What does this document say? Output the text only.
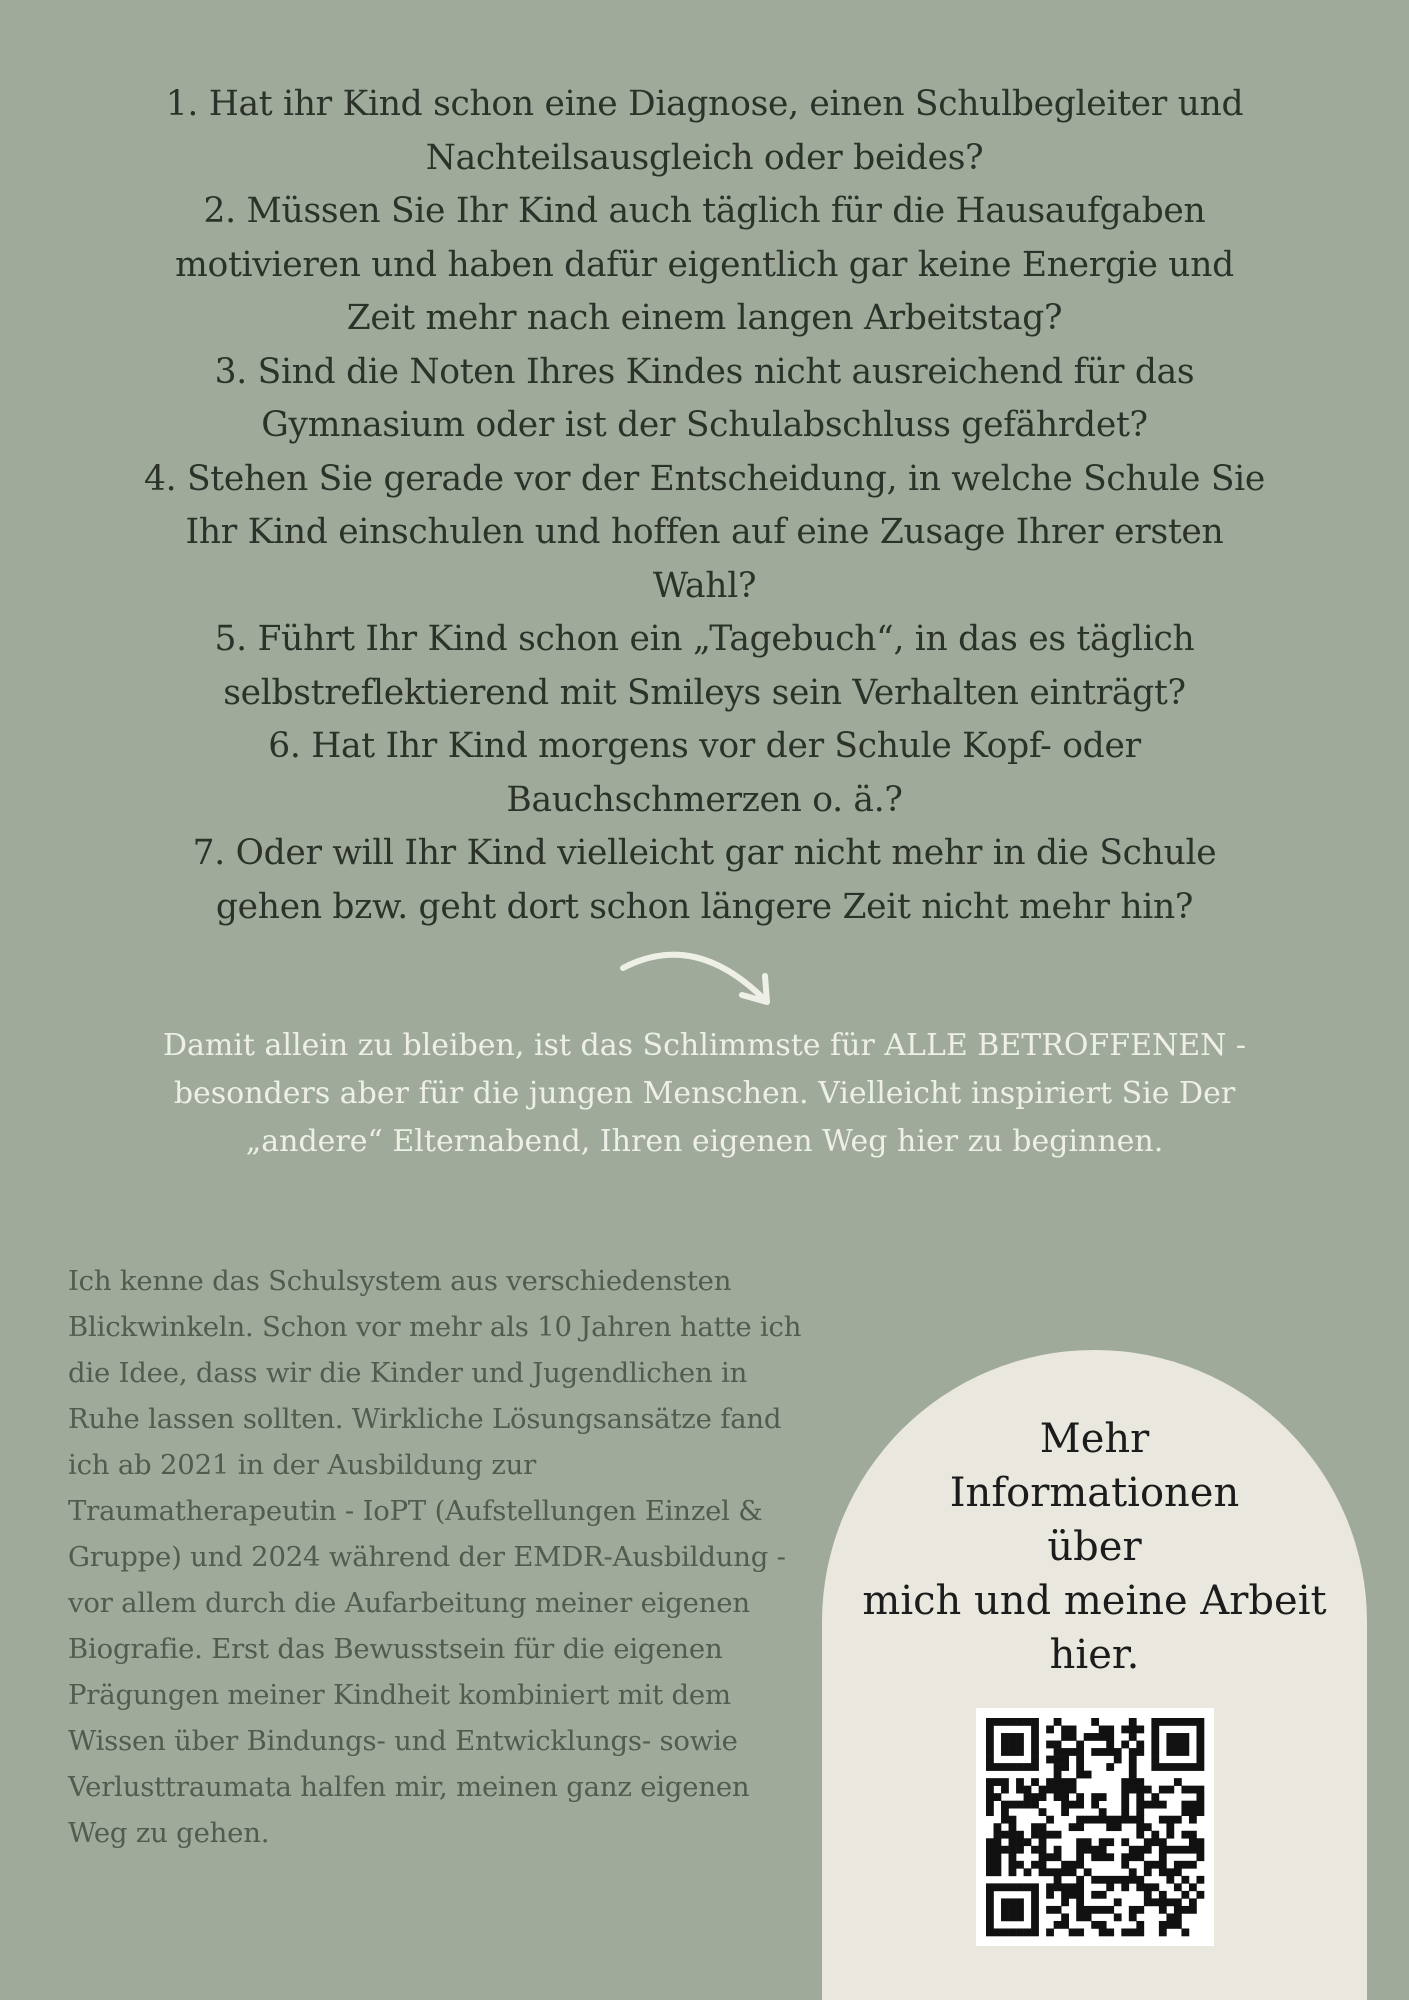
1. Hat ihr Kind schon eine Diagnose, einen Schulbegleiter und Nachteilsausgleich oder beides?

2. Müssen Sie Ihr Kind auch täglich für die Hausaufgaben motivieren und haben dafür eigentlich gar keine Energie und Zeit mehr nach einem langen Arbeitstag?

3. Sind die Noten Ihres Kindes nicht ausreichend für das Gymnasium oder ist der Schulabschluss gefährdet?

4. Stehen Sie gerade vor der Entscheidung, in welche Schule Sie Ihr Kind einschulen und hoffen auf eine Zusage Ihrer ersten Wahl?

5. Führt Ihr Kind schon ein „Tagebuch“, in das es täglich selbstreflektierend mit Smileys sein Verhalten einträgt?

6. Hat Ihr Kind morgens vor der Schule Kopf- oder Bauchschmerzen o. ä.?

7. Oder will Ihr Kind vielleicht gar nicht mehr in die Schule gehen bzw. geht dort schon längere Zeit nicht mehr hin?

Damit allein zu bleiben, ist das Schlimmste für ALLE BETROFFENEN - besonders aber für die jungen Menschen. Vielleicht inspiriert Sie Der „andere“ Elternabend, Ihren eigenen Weg hier zu beginnen.

Ich kenne das Schulsystem aus verschiedensten Blickwinkeln. Schon vor mehr als 10 Jahren hatte ich die Idee, dass wir die Kinder und Jugendlichen in Ruhe lassen sollten. Wirkliche Lösungsansätze fand ich ab 2021 in der Ausbildung zur Traumatherapeutin - IoPT (Aufstellungen Einzel & Gruppe) und 2024 während der EMDR-Ausbildung - vor allem durch die Aufarbeitung meiner eigenen Biografie. Erst das Bewusstsein für die eigenen Prägungen meiner Kindheit kombiniert mit dem Wissen über Bindungs- und Entwicklungs- sowie Verlusttraumata halfen mir, meinen ganz eigenen Weg zu gehen.

Mehr

Informationen

über

mich und meine Arbeit

hier.
